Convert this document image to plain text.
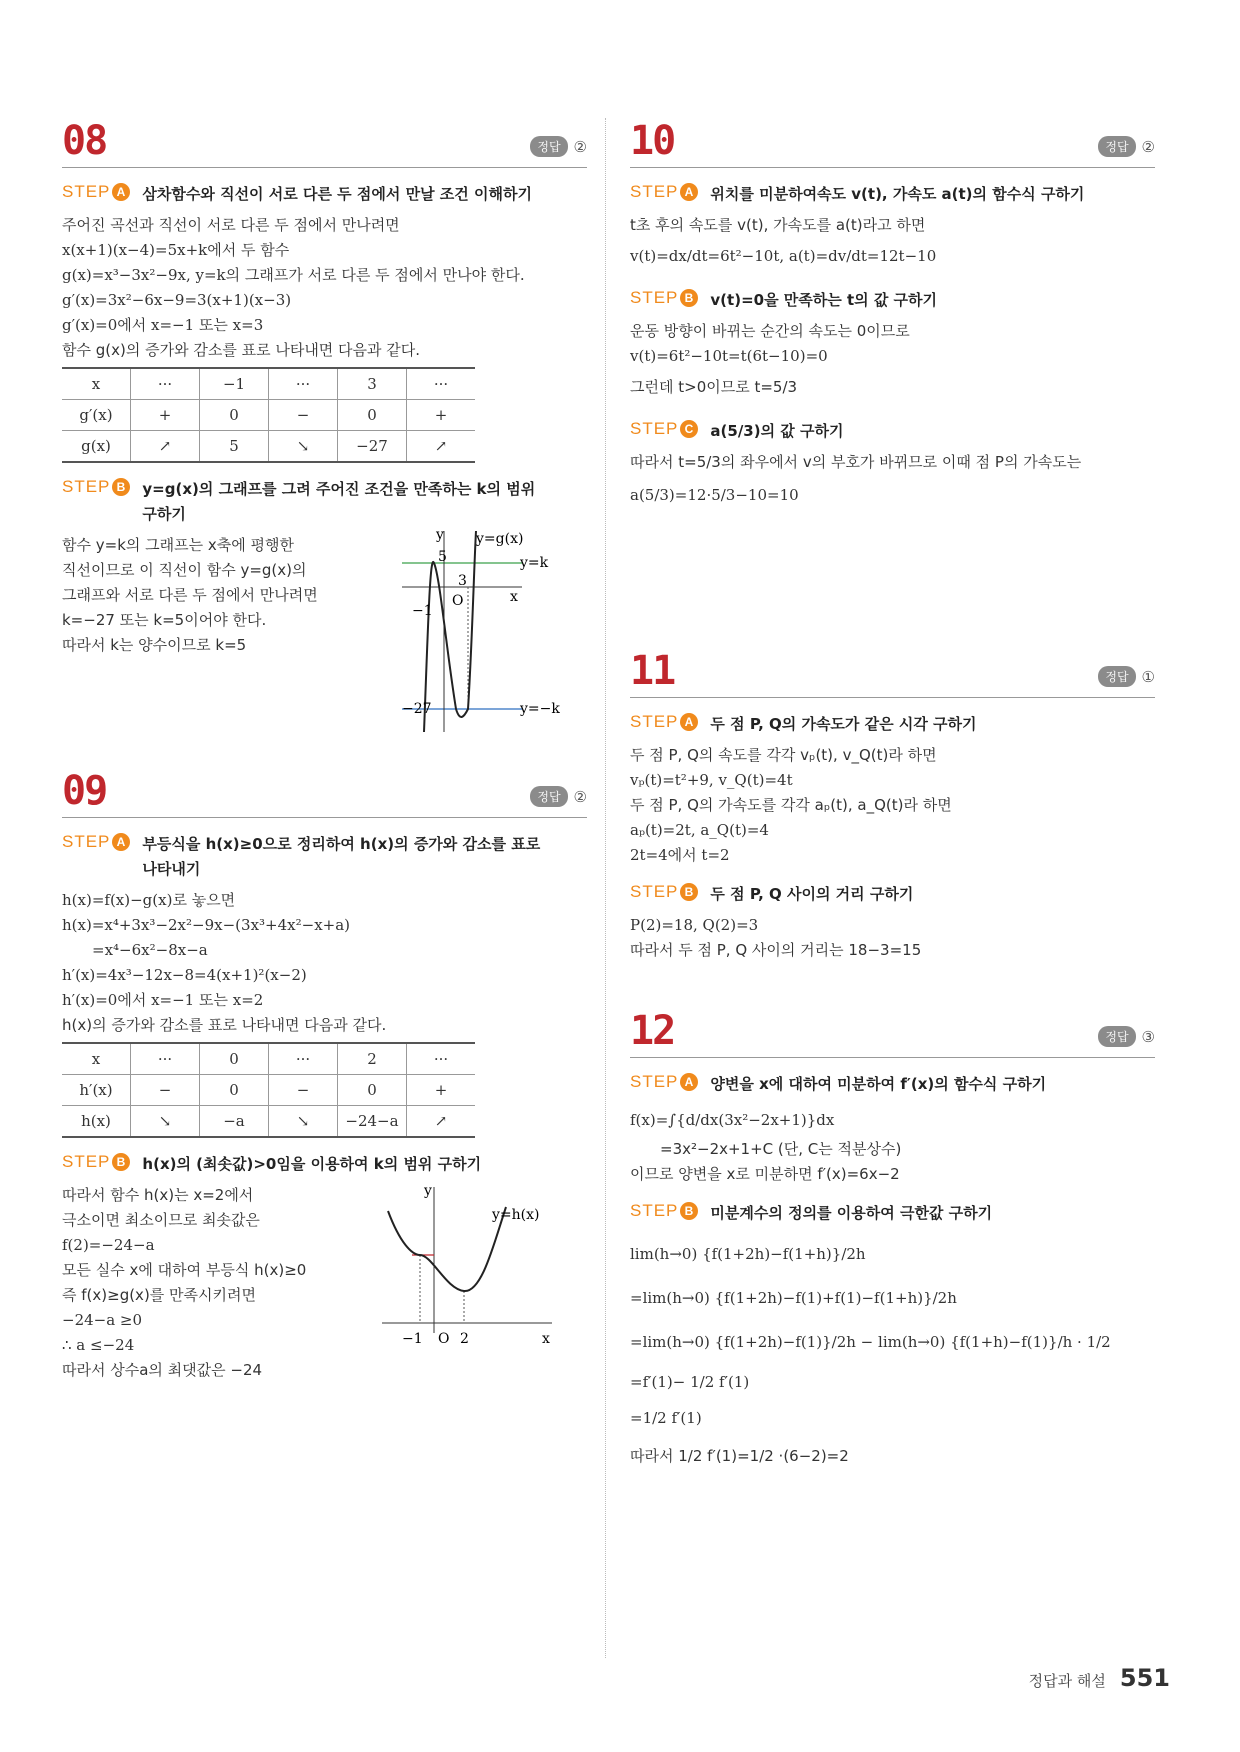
08	정답 ②
STEP A 삼차함수와 직선이 서로 다른 두 점에서 만날 조건 이해하기
주어진 곡선과 직선이 서로 다른 두 점에서 만나려면
x(x+1)(x−4)=5x+k에서 두 함수
g(x)=x³−3x²−9x, y=k의 그래프가 서로 다른 두 점에서 만나야 한다.
g′(x)=3x²−6x−9=3(x+1)(x−3)
g′(x)=0에서 x=−1 또는 x=3
함수 g(x)의 증가와 감소를 표로 나타내면 다음과 같다.
x	···	−1	···	3	···
g′(x)	+	0	−	0	+
g(x)	↗	5	↘	−27	↗
STEP B y=g(x)의 그래프를 그려 주어진 조건을 만족하는 k의 범위 구하기
함수 y=k의 그래프는 x축에 평행한
직선이므로 이 직선이 함수 y=g(x)의
그래프와 서로 다른 두 점에서 만나려면
k=−27 또는 k=5이어야 한다.
따라서 k는 양수이므로 k=5
y y=g(x)
y=k
x
5
3
−1
O
−27	y=−k
09	정답 ②
STEP A 부등식을 h(x)≥0으로 정리하여 h(x)의 증가와 감소를 표로 나타내기
h(x)=f(x)−g(x)로 놓으면
h(x)=x⁴+3x³−2x²−9x−(3x³+4x²−x+a)
=x⁴−6x²−8x−a
h′(x)=4x³−12x−8=4(x+1)²(x−2)
h′(x)=0에서 x=−1 또는 x=2
h(x)의 증가와 감소를 표로 나타내면 다음과 같다.
x	···	0	···	2	···
h′(x)	−	0	−	0	+
h(x)	↘	−a	↘	−24−a	↗
STEP B h(x)의 (최솟값)>0임을 이용하여 k의 범위 구하기
따라서 함수 h(x)는 x=2에서
극소이면 최소이므로 최솟값은
f(2)=−24−a
모든 실수 x에 대하여 부등식 h(x)≥0
즉 f(x)≥g(x)를 만족시키려면
−24−a ≥0
∴ a ≤−24
따라서 상수a의 최댓값은 −24
y
y=h(x)
−1 O 2	x
10	정답 ②
STEP A 위치를 미분하여속도 v(t), 가속도 a(t)의 함수식 구하기
t초 후의 속도를 v(t), 가속도를 a(t)라고 하면
v(t)=dx/dt=6t²−10t, a(t)=dv/dt=12t−10
STEP B v(t)=0을 만족하는 t의 값 구하기
운동 방향이 바뀌는 순간의 속도는 0이므로
v(t)=6t²−10t=t(6t−10)=0
그런데 t>0이므로 t=5/3
STEP C a(5/3)의 값 구하기
따라서 t=5/3의 좌우에서 v의 부호가 바뀌므로 이때 점 P의 가속도는
a(5/3)=12·5/3−10=10
11	정답 ①
STEP A 두 점 P, Q의 가속도가 같은 시각 구하기
두 점 P, Q의 속도를 각각 vₚ(t), v_Q(t)라 하면
vₚ(t)=t²+9, v_Q(t)=4t
두 점 P, Q의 가속도를 각각 aₚ(t), a_Q(t)라 하면
aₚ(t)=2t, a_Q(t)=4
2t=4에서 t=2
STEP B 두 점 P, Q 사이의 거리 구하기
P(2)=18, Q(2)=3
따라서 두 점 P, Q 사이의 거리는 18−3=15
12	정답 ③
STEP A 양변을 x에 대하여 미분하여 f′(x)의 함수식 구하기
f(x)=∫{d/dx(3x²−2x+1)}dx
=3x²−2x+1+C (단, C는 적분상수)
이므로 양변을 x로 미분하면 f′(x)=6x−2
STEP B 미분계수의 정의를 이용하여 극한값 구하기
lim(h→0) {f(1+2h)−f(1+h)}/2h
=lim(h→0) {f(1+2h)−f(1)+f(1)−f(1+h)}/2h
=lim(h→0) {f(1+2h)−f(1)}/2h − lim(h→0) {f(1+h)−f(1)}/h · 1/2
=f′(1)− 1/2 f′(1)
=1/2 f′(1)
따라서 1/2 f′(1)=1/2 ·(6−2)=2
정답과 해설 551
